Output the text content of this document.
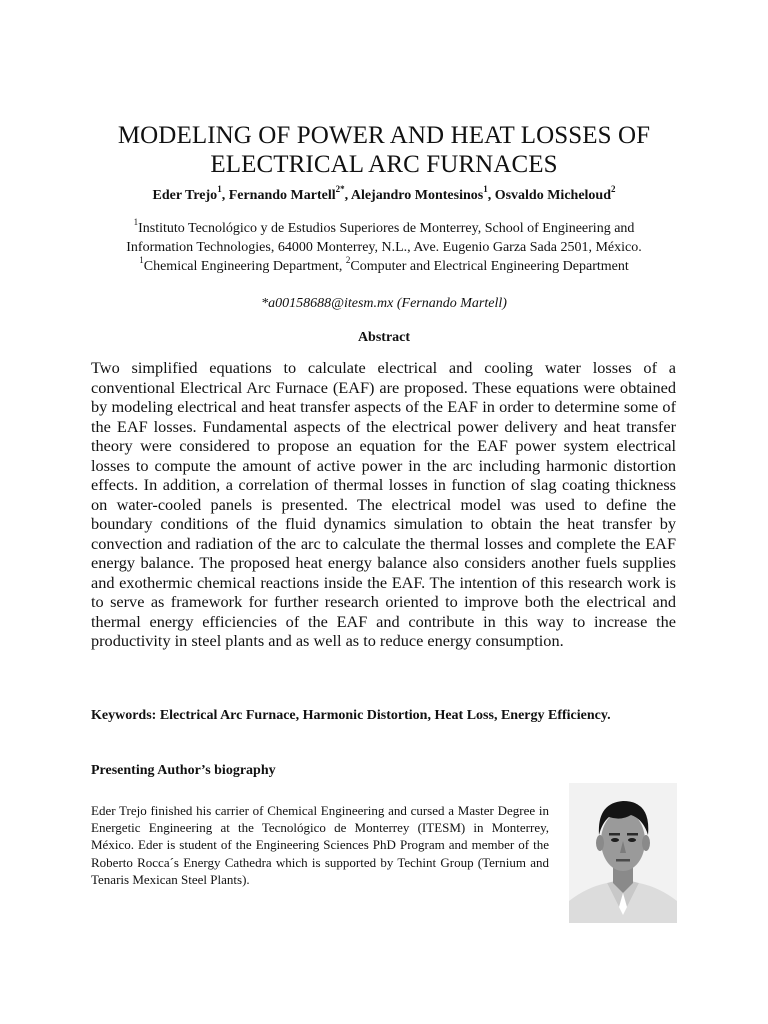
MODELING OF POWER AND HEAT LOSSES OF
ELECTRICAL ARC FURNACES
Eder Trejo$^1$, Fernando Martell$^{2*}$, Alejandro Montesinos$^1$, Osvaldo Micheloud$^2$
$^1$Instituto Tecnológico y de Estudios Superiores de Monterrey, School of Engineering and
Information Technologies, 64000 Monterrey, N.L., Ave. Eugenio Garza Sada 2501, México.
$^1$Chemical Engineering Department, $^2$Computer and Electrical Engineering Department
*a00158688@itesm.mx (Fernando Martell)
Abstract
Two simplified equations to calculate electrical and cooling water losses of a conventional Electrical Arc Furnace (EAF) are proposed. These equations were obtained by modeling electrical and heat transfer aspects of the EAF in order to determine some of the EAF losses. Fundamental aspects of the electrical power delivery and heat transfer theory were considered to propose an equation for the EAF power system electrical losses to compute the amount of active power in the arc including harmonic distortion effects. In addition, a correlation of thermal losses in function of slag coating thickness on water-cooled panels is presented. The electrical model was used to define the boundary conditions of the fluid dynamics simulation to obtain the heat transfer by convection and radiation of the arc to calculate the thermal losses and complete the EAF energy balance. The proposed heat energy balance also considers another fuels supplies and exothermic chemical reactions inside the EAF. The intention of this research work is to serve as framework for further research oriented to improve both the electrical and thermal energy efficiencies of the EAF and contribute in this way to increase the productivity in steel plants and as well as to reduce energy consumption.
Keywords: Electrical Arc Furnace, Harmonic Distortion, Heat Loss, Energy Efficiency.
Presenting Author’s biography
Eder Trejo finished his carrier of Chemical Engineering and cursed a Master Degree in Energetic Engineering at the Tecnológico de Monterrey (ITESM) in Monterrey, México. Eder is student of the Engineering Sciences PhD Program and member of the Roberto Rocca´s Energy Cathedra which is supported by Techint Group (Ternium and Tenaris Mexican Steel Plants).
